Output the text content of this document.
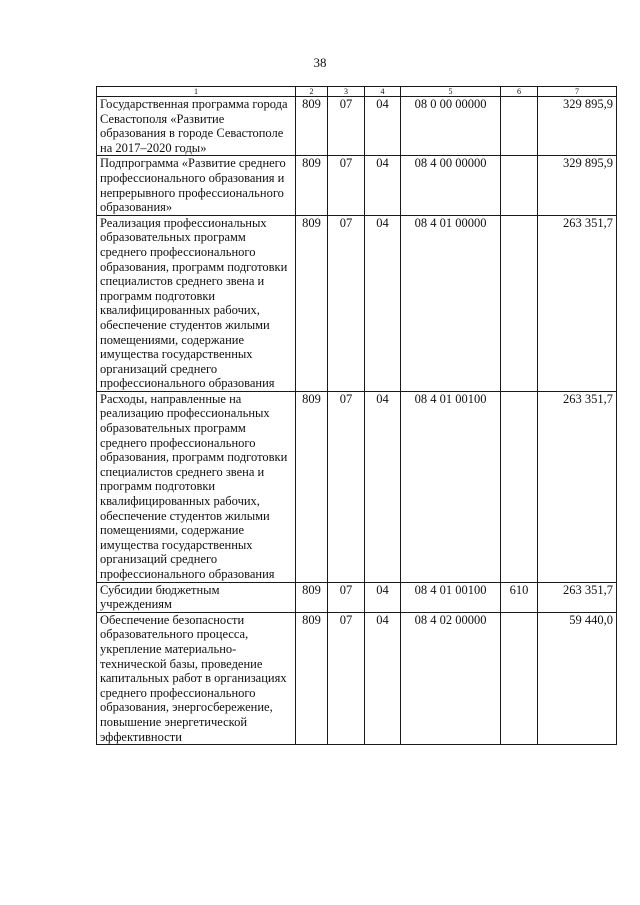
38
1	2	3	4	5	6	7
Государственная программа города Севастополя «Развитие образования в городе Севастополе на 2017–2020 годы»	809	07	04	08 0 00 00000		329 895,9
Подпрограмма «Развитие среднего профессионального образования и непрерывного профессионального образования»	809	07	04	08 4 00 00000		329 895,9
Реализация профессиональных образовательных программ среднего профессионального образования, программ подготовки специалистов среднего звена и программ подготовки квалифицированных рабочих, обеспечение студентов жилыми помещениями, содержание имущества государственных организаций среднего профессионального образования	809	07	04	08 4 01 00000		263 351,7
Расходы, направленные на реализацию профессиональных образовательных программ среднего профессионального образования, программ подготовки специалистов среднего звена и программ подготовки квалифицированных рабочих, обеспечение студентов жилыми помещениями, содержание имущества государственных организаций среднего профессионального образования	809	07	04	08 4 01 00100		263 351,7
Субсидии бюджетным учреждениям	809	07	04	08 4 01 00100	610	263 351,7
Обеспечение безопасности образовательного процесса, укрепление материально-технической базы, проведение капитальных работ в организациях среднего профессионального образования, энергосбережение, повышение энергетической эффективности	809	07	04	08 4 02 00000		59 440,0
